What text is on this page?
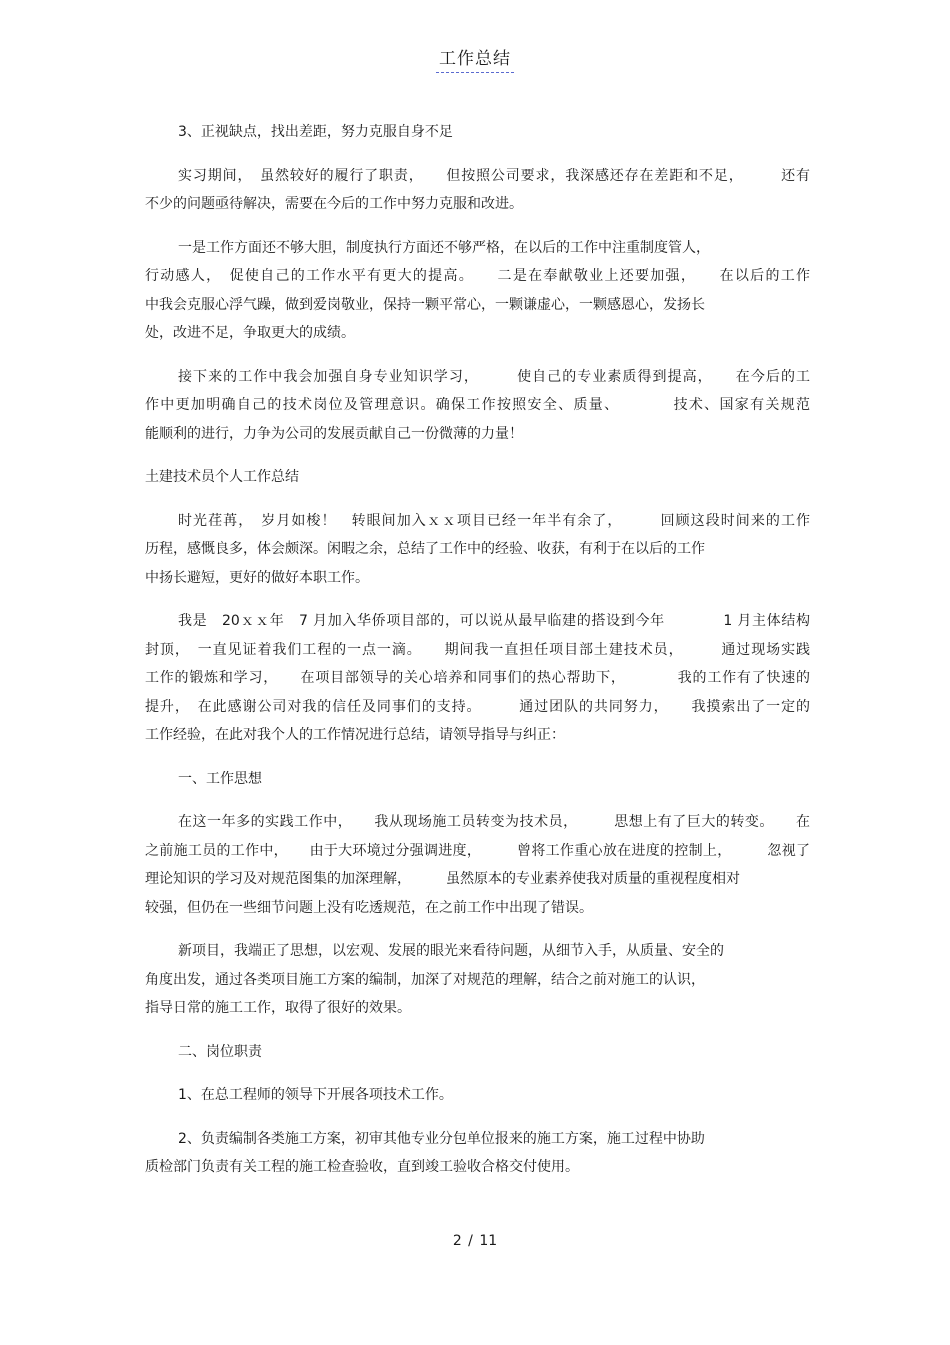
工作总结
3、正视缺点，找出差距，努力克服自身不足
实习期间，　虽然较好的履行了职责，　　但按照公司要求，我深感还存在差距和不足，　　　还有
不少的问题亟待解决，需要在今后的工作中努力克服和改进。
一是工作方面还不够大胆，制度执行方面还不够严格，在以后的工作中注重制度管人，
行动感人，　促使自己的工作水平有更大的提高。　　二是在奉献敬业上还要加强，　　在以后的工作
中我会克服心浮气躁，做到爱岗敬业，保持一颗平常心，一颗谦虚心，一颗感恩心，发扬长
处，改进不足，争取更大的成绩。
接下来的工作中我会加强自身专业知识学习，　　　使自己的专业素质得到提高，　　在今后的工
作中更加明确自己的技术岗位及管理意识。确保工作按照安全、质量、　　　　技术、国家有关规范
能顺利的进行，力争为公司的发展贡献自己一份微薄的力量！
土建技术员个人工作总结
时光荏苒，　岁月如梭！　转眼间加入ｘｘ项目已经一年半有余了，　　　回顾这段时间来的工作
历程，感慨良多，体会颇深。闲暇之余，总结了工作中的经验、收获，有利于在以后的工作
中扬长避短，更好的做好本职工作。
我是　20ｘｘ年　7 月加入华侨项目部的，可以说从最早临建的搭设到今年　　　　1 月主体结构
封顶，　一直见证着我们工程的一点一滴。　　期间我一直担任项目部土建技术员，　　　通过现场实践
工作的锻炼和学习，　　在项目部领导的关心培养和同事们的热心帮助下，　　　　我的工作有了快速的
提升，　在此感谢公司对我的信任及同事们的支持。　　　通过团队的共同努力，　　我摸索出了一定的
工作经验，在此对我个人的工作情况进行总结，请领导指导与纠正：
一、工作思想
在这一年多的实践工作中，　　我从现场施工员转变为技术员，　　　思想上有了巨大的转变。　　在
之前施工员的工作中，　　由于大环境过分强调进度，　　　曾将工作重心放在进度的控制上，　　　忽视了
理论知识的学习及对规范图集的加深理解，　　　虽然原本的专业素养使我对质量的重视程度相对
较强，但仍在一些细节问题上没有吃透规范，在之前工作中出现了错误。
新项目，我端正了思想，以宏观、发展的眼光来看待问题，从细节入手，从质量、安全的
角度出发，通过各类项目施工方案的编制，加深了对规范的理解，结合之前对施工的认识，
指导日常的施工工作，取得了很好的效果。
二、岗位职责
1、在总工程师的领导下开展各项技术工作。
2、负责编制各类施工方案，初审其他专业分包单位报来的施工方案，施工过程中协助
质检部门负责有关工程的施工检查验收，直到竣工验收合格交付使用。
2 / 11
